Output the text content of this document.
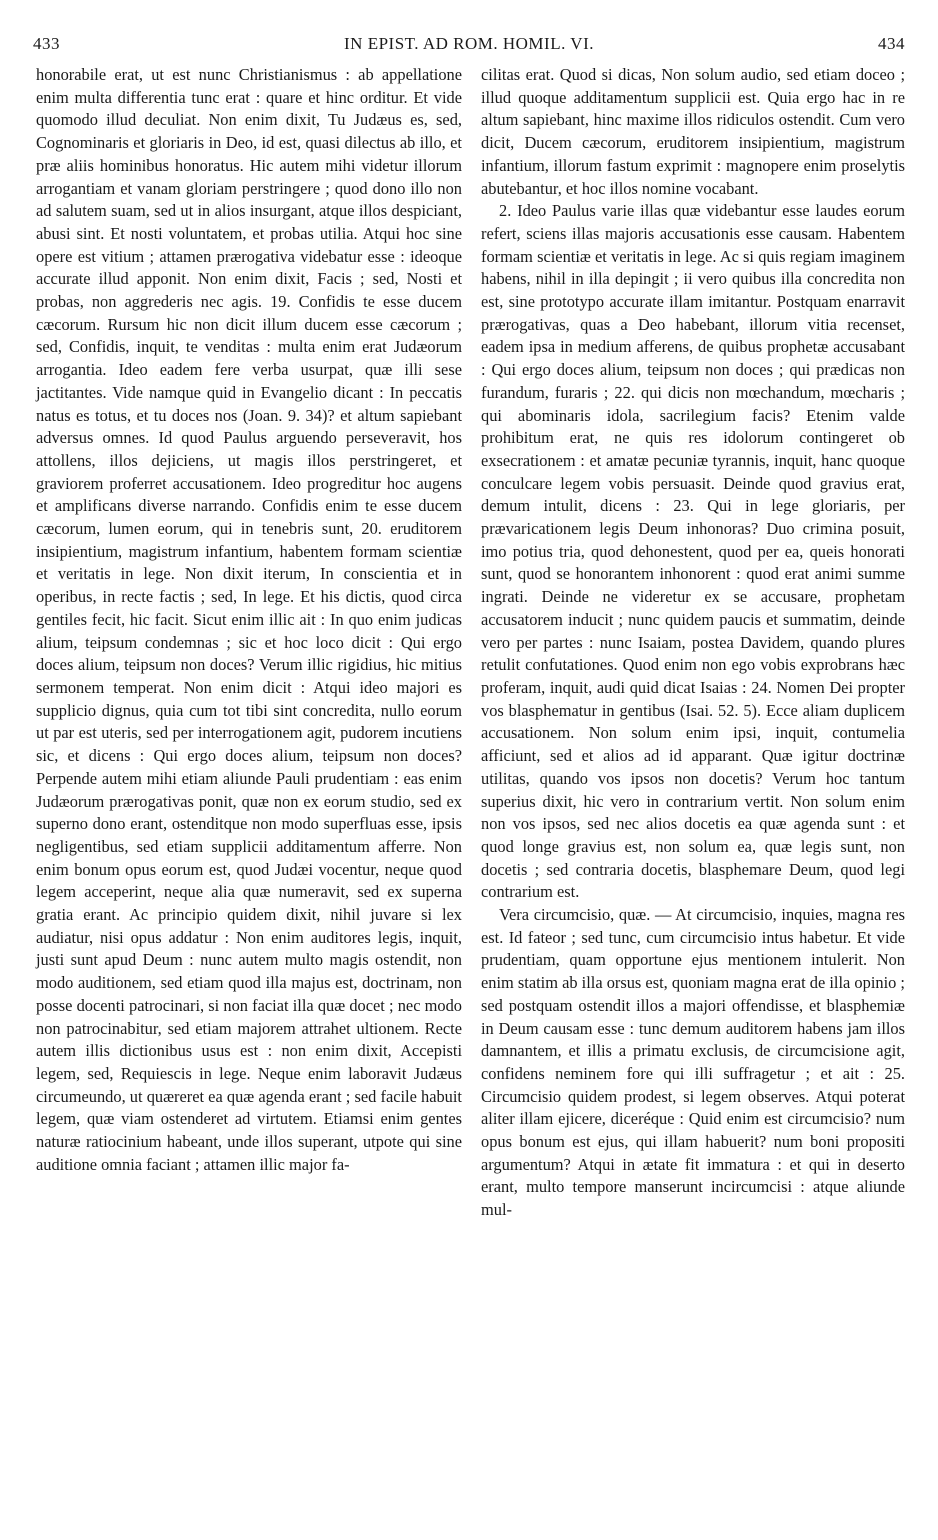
433	IN EPIST. AD ROM. HOMIL. VI.	434

honorabile erat, ut est nunc Christianismus : ab appellatione enim multa differentia tunc erat : quare et hinc orditur. Et vide quomodo illud deculiat. Non enim dixit, Tu Judæus es, sed, Cognominaris et gloriaris in Deo, id est, quasi dilectus ab illo, et præ aliis hominibus honoratus. Hic autem mihi videtur illorum arrogantiam et vanam gloriam perstringere ; quod dono illo non ad salutem suam, sed ut in alios insurgant, atque illos despiciant, abusi sint. Et nosti voluntatem, et probas utilia. Atqui hoc sine opere est vitium ; attamen prærogativa videbatur esse : ideoque accurate illud apponit. Non enim dixit, Facis ; sed, Nosti et probas, non aggrederis nec agis. 19. Confidis te esse ducem cæcorum. Rursum hic non dicit illum ducem esse cæcorum ; sed, Confidis, inquit, te venditas : multa enim erat Judæorum arrogantia. Ideo eadem fere verba usurpat, quæ illi sese jactitantes. Vide namque quid in Evangelio dicant : In peccatis natus es totus, et tu doces nos (Joan. 9. 34)? et altum sapiebant adversus omnes. Id quod Paulus arguendo perseveravit, hos attollens, illos dejiciens, ut magis illos perstringeret, et graviorem proferret accusationem. Ideo progreditur hoc augens et amplificans diverse narrando. Confidis enim te esse ducem cæcorum, lumen eorum, qui in tenebris sunt, 20. eruditorem insipientium, magistrum infantium, habentem formam scientiæ et veritatis in lege. Non dixit iterum, In conscientia et in operibus, in recte factis ; sed, In lege. Et his dictis, quod circa gentiles fecit, hic facit. Sicut enim illic ait : In quo enim judicas alium, teipsum condemnas ; sic et hoc loco dicit : Qui ergo doces alium, teipsum non doces? Verum illic rigidius, hic mitius sermonem temperat. Non enim dicit : Atqui ideo majori es supplicio dignus, quia cum tot tibi sint concredita, nullo eorum ut par est uteris, sed per interrogationem agit, pudorem incutiens sic, et dicens : Qui ergo doces alium, teipsum non doces? Perpende autem mihi etiam aliunde Pauli prudentiam : eas enim Judæorum prærogativas ponit, quæ non ex eorum studio, sed ex superno dono erant, ostenditque non modo superfluas esse, ipsis negligentibus, sed etiam supplicii additamentum afferre. Non enim bonum opus eorum est, quod Judæi vocentur, neque quod legem acceperint, neque alia quæ numeravit, sed ex superna gratia erant. Ac principio quidem dixit, nihil juvare si lex audiatur, nisi opus addatur : Non enim auditores legis, inquit, justi sunt apud Deum : nunc autem multo magis ostendit, non modo auditionem, sed etiam quod illa majus est, doctrinam, non posse docenti patrocinari, si non faciat illa quæ docet ; nec modo non patrocinabitur, sed etiam majorem attrahet ultionem. Recte autem illis dictionibus usus est : non enim dixit, Accepisti legem, sed, Requiescis in lege. Neque enim laboravit Judæus circumeundo, ut quæreret ea quæ agenda erant ; sed facile habuit legem, quæ viam ostenderet ad virtutem. Etiamsi enim gentes naturæ ratiocinium habeant, unde illos superant, utpote qui sine auditione omnia faciant ; attamen illic major fa-

cilitas erat. Quod si dicas, Non solum audio, sed etiam doceo ; illud quoque additamentum supplicii est. Quia ergo hac in re altum sapiebant, hinc maxime illos ridiculos ostendit. Cum vero dicit, Ducem cæcorum, eruditorem insipientium, magistrum infantium, illorum fastum exprimit : magnopere enim proselytis abutebantur, et hoc illos nomine vocabant.

2. Ideo Paulus varie illas quæ videbantur esse laudes eorum refert, sciens illas majoris accusationis esse causam. Habentem formam scientiæ et veritatis in lege. Ac si quis regiam imaginem habens, nihil in illa depingit ; ii vero quibus illa concredita non est, sine prototypo accurate illam imitantur. Postquam enarravit prærogativas, quas a Deo habebant, illorum vitia recenset, eadem ipsa in medium afferens, de quibus prophetæ accusabant : Qui ergo doces alium, teipsum non doces ; qui prædicas non furandum, furaris ; 22. qui dicis non mœchandum, mœcharis ; qui abominaris idola, sacrilegium facis? Etenim valde prohibitum erat, ne quis res idolorum contingeret ob exsecrationem : et amatæ pecuniæ tyrannis, inquit, hanc quoque conculcare legem vobis persuasit. Deinde quod gravius erat, demum intulit, dicens : 23. Qui in lege gloriaris, per prævaricationem legis Deum inhonoras? Duo crimina posuit, imo potius tria, quod dehonestent, quod per ea, queis honorati sunt, quod se honorantem inhonorent : quod erat animi summe ingrati. Deinde ne videretur ex se accusare, prophetam accusatorem inducit ; nunc quidem paucis et summatim, deinde vero per partes : nunc Isaiam, postea Davidem, quando plures retulit confutationes. Quod enim non ego vobis exprobrans hæc proferam, inquit, audi quid dicat Isaias : 24. Nomen Dei propter vos blasphematur in gentibus (Isai. 52. 5). Ecce aliam duplicem accusationem. Non solum enim ipsi, inquit, contumelia afficiunt, sed et alios ad id apparant. Quæ igitur doctrinæ utilitas, quando vos ipsos non docetis? Verum hoc tantum superius dixit, hic vero in contrarium vertit. Non solum enim non vos ipsos, sed nec alios docetis ea quæ agenda sunt : et quod longe gravius est, non solum ea, quæ legis sunt, non docetis ; sed contraria docetis, blasphemare Deum, quod legi contrarium est.

Vera circumcisio, quæ. — At circumcisio, inquies, magna res est. Id fateor ; sed tunc, cum circumcisio intus habetur. Et vide prudentiam, quam opportune ejus mentionem intulerit. Non enim statim ab illa orsus est, quoniam magna erat de illa opinio ; sed postquam ostendit illos a majori offendisse, et blasphemiæ in Deum causam esse : tunc demum auditorem habens jam illos damnantem, et illis a primatu exclusis, de circumcisione agit, confidens neminem fore qui illi suffragetur ; et ait : 25. Circumcisio quidem prodest, si legem observes. Atqui poterat aliter illam ejicere, diceréque : Quid enim est circumcisio? num opus bonum est ejus, qui illam habuerit? num boni propositi argumentum? Atqui in ætate fit immatura : et qui in deserto erant, multo tempore manserunt incircumcisi : atque aliunde mul-
